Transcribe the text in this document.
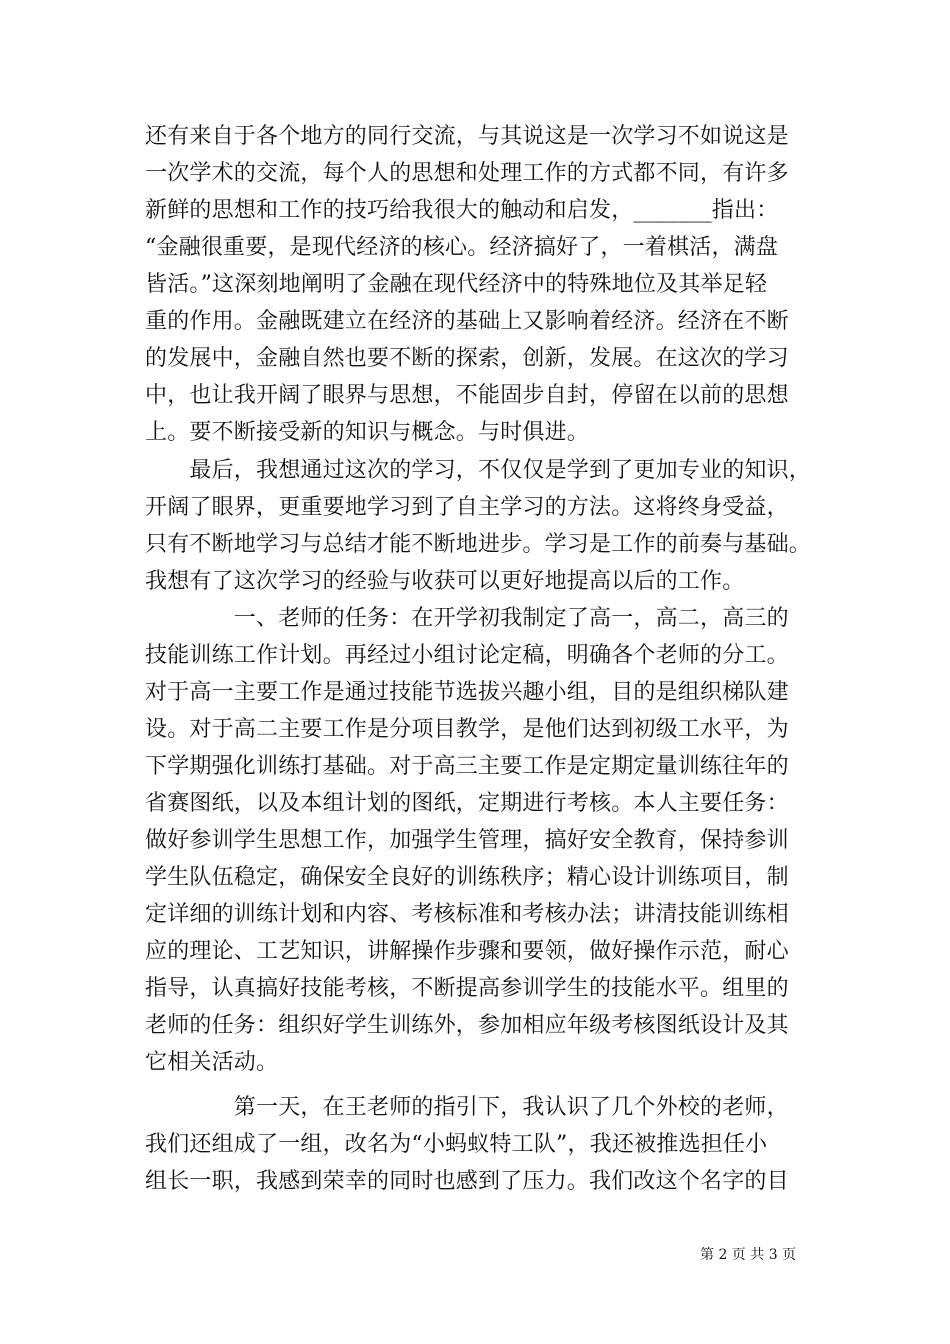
还有来自于各个地方的同行交流，与其说这是一次学习不如说这是
一次学术的交流，每个人的思想和处理工作的方式都不同，有许多
新鲜的思想和工作的技巧给我很大的触动和启发，_______指出：
“金融很重要，是现代经济的核心。经济搞好了，一着棋活，满盘
皆活。”这深刻地阐明了金融在现代经济中的特殊地位及其举足轻
重的作用。金融既建立在经济的基础上又影响着经济。经济在不断
的发展中，金融自然也要不断的探索，创新，发展。在这次的学习
中，也让我开阔了眼界与思想，不能固步自封，停留在以前的思想
上。要不断接受新的知识与概念。与时俱进。
　　最后，我想通过这次的学习，不仅仅是学到了更加专业的知识，
开阔了眼界，更重要地学习到了自主学习的方法。这将终身受益，
只有不断地学习与总结才能不断地进步。学习是工作的前奏与基础。
我想有了这次学习的经验与收获可以更好地提高以后的工作。
　　　　一、老师的任务：在开学初我制定了高一，高二，高三的
技能训练工作计划。再经过小组讨论定稿，明确各个老师的分工。
对于高一主要工作是通过技能节选拔兴趣小组，目的是组织梯队建
设。对于高二主要工作是分项目教学，是他们达到初级工水平，为
下学期强化训练打基础。对于高三主要工作是定期定量训练往年的
省赛图纸，以及本组计划的图纸，定期进行考核。本人主要任务：
做好参训学生思想工作，加强学生管理，搞好安全教育，保持参训
学生队伍稳定，确保安全良好的训练秩序；精心设计训练项目，制
定详细的训练计划和内容、考核标准和考核办法；讲清技能训练相
应的理论、工艺知识，讲解操作步骤和要领，做好操作示范，耐心
指导，认真搞好技能考核，不断提高参训学生的技能水平。组里的
老师的任务：组织好学生训练外，参加相应年级考核图纸设计及其
它相关活动。
　　　　第一天，在王老师的指引下，我认识了几个外校的老师，
我们还组成了一组，改名为“小蚂蚁特工队”，我还被推选担任小
组长一职，我感到荣幸的同时也感到了压力。我们改这个名字的目
第 2 页 共 3 页
